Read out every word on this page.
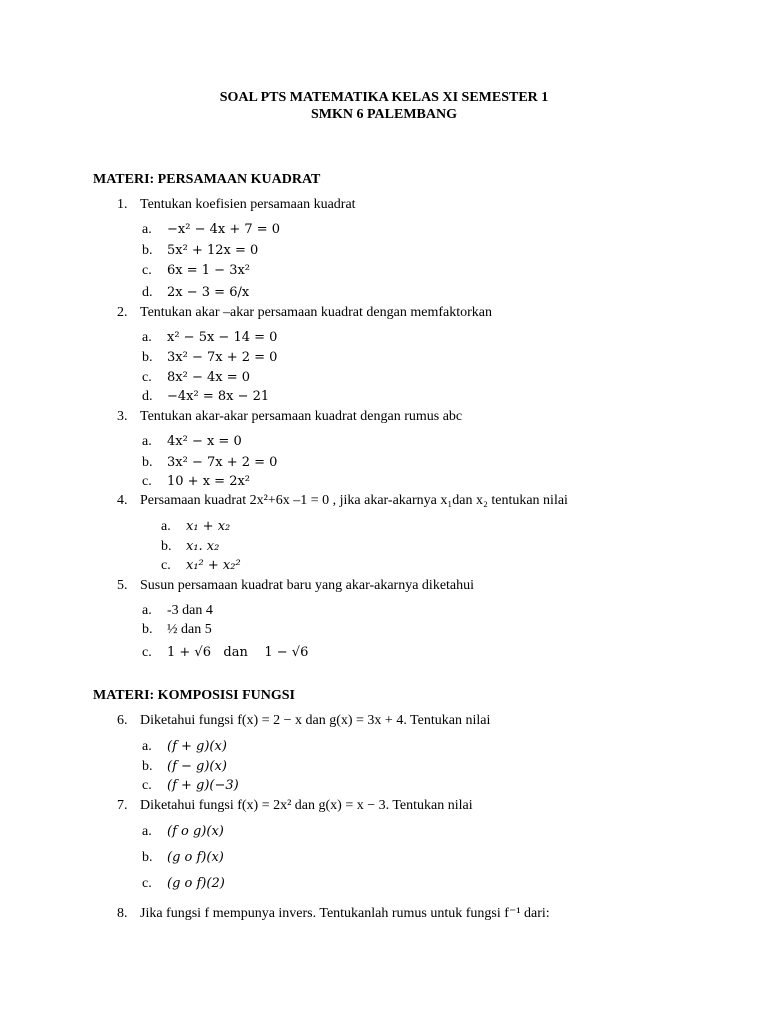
SOAL PTS MATEMATIKA KELAS XI SEMESTER 1
SMKN 6 PALEMBANG
MATERI: PERSAMAAN KUADRAT
1. Tentukan koefisien persamaan kuadrat
a. −x² − 4x + 7 = 0
b. 5x² + 12x = 0
c. 6x = 1 − 3x²
d. 2x − 3 = 6/x
2. Tentukan akar –akar persamaan kuadrat dengan memfaktorkan
a. x² − 5x − 14 = 0
b. 3x² − 7x + 2 = 0
c. 8x² − 4x = 0
d. −4x² = 8x − 21
3. Tentukan akar-akar persamaan kuadrat dengan rumus abc
a. 4x² − x = 0
b. 3x² − 7x + 2 = 0
c. 10 + x = 2x²
4. Persamaan kuadrat 2x²+6x –1 = 0 , jika akar-akarnya x₁dan x₂ tentukan nilai
a. x₁ + x₂
b. x₁. x₂
c. x₁² + x₂²
5. Susun persamaan kuadrat baru yang akar-akarnya diketahui
a. -3 dan 4
b. ½ dan 5
c. 1 + √6   dan    1 − √6
MATERI: KOMPOSISI FUNGSI
6. Diketahui fungsi f(x) = 2 − x dan g(x) = 3x + 4. Tentukan nilai
a. (f + g)(x)
b. (f − g)(x)
c. (f + g)(−3)
7. Diketahui fungsi f(x) = 2x² dan g(x) = x − 3. Tentukan nilai
a. (f o g)(x)
b. (g o f)(x)
c. (g o f)(2)
8. Jika fungsi f mempunya invers. Tentukanlah rumus untuk fungsi f⁻¹ dari:
